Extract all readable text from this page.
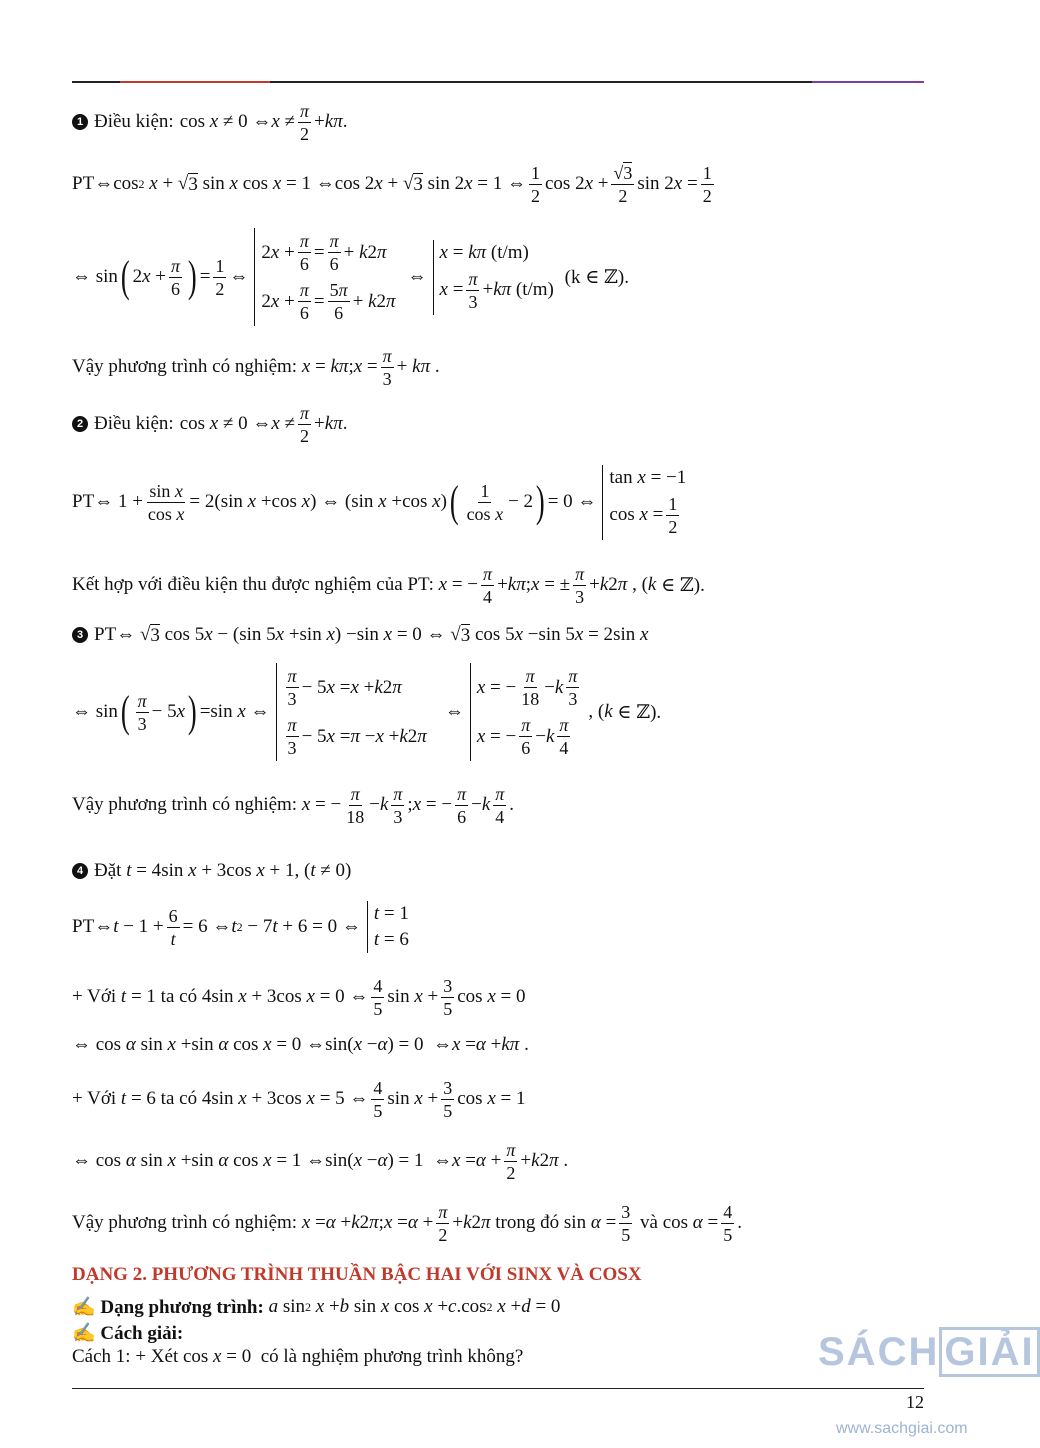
1 Điều kiện: cos
x ≠ 0 ⇔ $x \ne \frac{\pi}{2} + k\pi$ .
PT ⇔ cos 2
x + √ 3
sin
x
cos
x = 1 ⇔ cos 2 x + √ 3
sin 2 x = 1 ⇔ $\frac{1}{2}$ cos 2 $x + \frac{√3}{2}$ sin 2 $x = \frac{1}{2}$
⇔ sin ( 2 $x + \frac{\pi}{6}$ ) = $\frac{1}{2}$ ⇔
2 $x + \frac{\pi}{6} = \frac{\pi}{6} + k$ 2 π
2 $x + \frac{\pi}{6} = \frac{5\pi}{6} + k$ 2 π
⇔
x = kπ
(t/m)
$x = \frac{\pi}{3} + k\pi$
(t/m)

(k ∈ ℤ).
Vậy phương trình có nghiệm:
x = kπ ; $x = \frac{\pi}{3} + k\pi$ .
2 Điều kiện: cos
x ≠ 0 ⇔ $x \ne \frac{\pi}{2} + k\pi$ .
PT ⇔ $1 + \frac{\text{sin x}}{\text{cos x}} = 2$( sin
x + cos
x ) ⇔ ( sin
x + cos
x ) ( $\frac{1}{\text{cos x}} - 2$ ) = 0 ⇔
tan
x = −1
cos
$x = \frac{1}{2}$
Kết hợp với điều kiện thu được nghiệm của PT:
x = − $\frac{\pi}{4} + k\pi$ ; x = ± $\frac{\pi}{3} + k$ 2 π , ( k ∈ ℤ).
3 PT ⇔ √ 3
cos 5 x − ( sin 5 x + sin
x ) − sin
x = 0 ⇔ √ 3
cos 5 x − sin 5 x = 2 sin
x
⇔ sin ( $\frac{\pi}{3} - 5$ x ) = sin
x ⇔
$\frac{\pi}{3} - 5$ x = x + k 2 π
$\frac{\pi}{3} - 5$ x = π − x + k 2 π
⇔
x = − $\frac{\pi}{18} - k \frac{\pi}{3}$
x = − $\frac{\pi}{6} - k \frac{\pi}{4}$
, ( k ∈ ℤ).
Vậy phương trình có nghiệm:
x = − $\frac{\pi}{18} - k \frac{\pi}{3}$ ; x = − $\frac{\pi}{6} - k \frac{\pi}{4}$ .
4 Đặt
t = 4 sin
x + 3 cos
x + 1, ( t ≠ 0)
PT ⇔ $t - 1 + \frac{6}{t} = 6$ ⇔ t 2 − 7 t + 6 = 0 ⇔
t = 1
t = 6
+ Với
t = 1 ta có 4 sin
x + 3 cos
x = 0 ⇔ $\frac{4}{5}$ sin
$x + \frac{3}{5}$ cos
x = 0
⇔ cos
α
sin
x + sin
α
cos
x = 0 ⇔ sin ( x − α ) = 0  ⇔ x = α + kπ .
+ Với
t = 6 ta có 4 sin
x + 3 cos
x = 5 ⇔ $\frac{4}{5}$ sin
$x + \frac{3}{5}$ cos
x = 1
⇔ cos
α
sin
x + sin
α
cos
x = 1 ⇔ sin ( x − α ) = 1  ⇔ $x = \alpha + \frac{\pi}{2} + k$ 2 π .
Vậy phương trình có nghiệm:
x = α + k 2 π ; $x = \alpha + \frac{\pi}{2} + k$ 2 π
trong đó
sin
$\alpha = \frac{3}{5}$
và
cos
$\alpha = \frac{4}{5}$ .
DẠNG 2. PHƯƠNG TRÌNH THUẦN BẬC HAI VỚI SINX VÀ COSX
✍ Dạng phương trình:
a
sin 2
x + b
sin
x
cos
x + c . cos 2
x + d = 0
✍ Cách giải:
Cách 1: + Xét
cos
x = 0 có là nghiệm phương trình không?	SÁCH GIẢI
12
www.sachgiai.com
